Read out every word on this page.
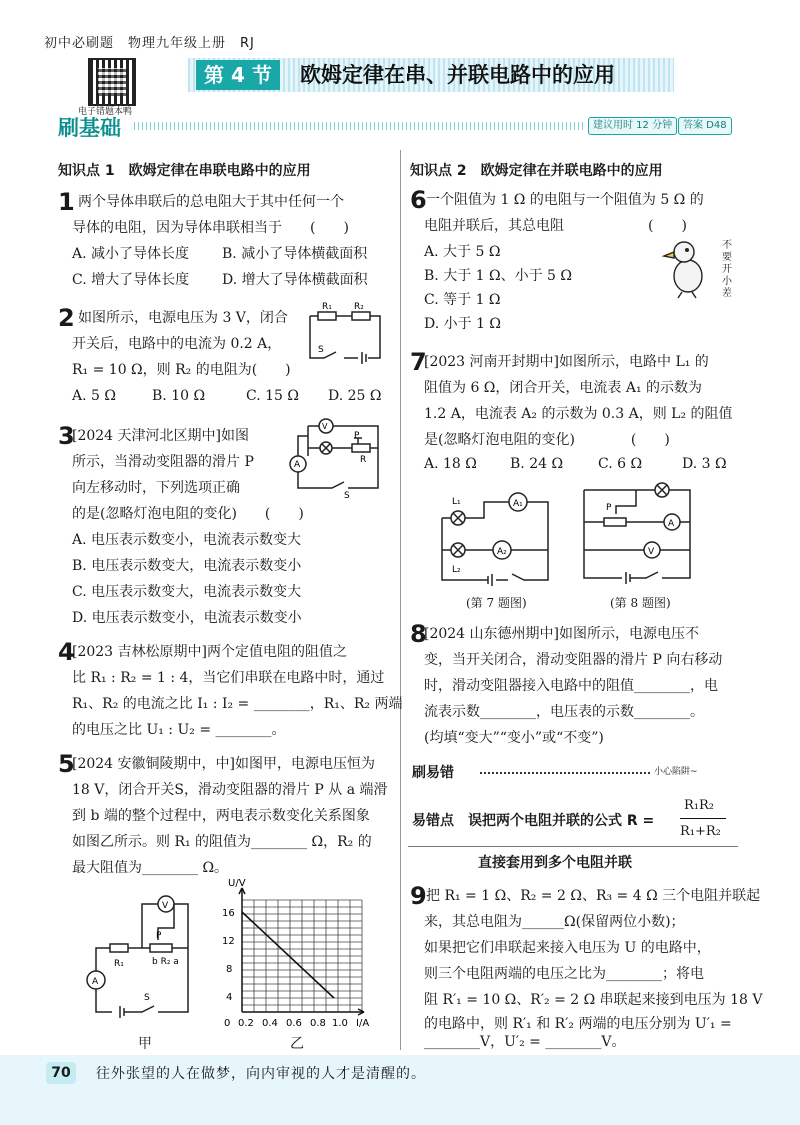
初中必刷题　物理九年级上册　RJ
电子错题本鸭
第 4 节	欧姆定律在串、并联电路中的应用
刷基础	建议用时 12 分钟	答案 D48
知识点 1　欧姆定律在串联电路中的应用
1 两个导体串联后的总电阻大于其中任何一个
导体的电阻，因为导体串联相当于　　(　　)
A. 减小了导体长度 B. 减小了导体横截面积
C. 增大了导体长度 D. 增大了导体横截面积
2 如图所示，电源电压为 3 V，闭合
开关后，电路中的电流为 0.2 A，
R₁ = 10 Ω，则 R₂ 的电阻为(　　)
A. 5 Ω	B. 10 Ω	C. 15 Ω D. 25 Ω
R₁ R₂
S
3
[2024 天津河北区期中]如图
所示，当滑动变阻器的滑片 P
向左移动时，下列选项正确
的是(忽略灯泡电阻的变化)　　(　　)
A. 电压表示数变小，电流表示数变大
B. 电压表示数变大，电流表示数变小
C. 电压表示数变大，电流表示数变大
D. 电压表示数变小，电流表示数变小
V
A
P
R
S
4
[2023 吉林松原期中]两个定值电阻的阻值之
比 R₁ : R₂ = 1 : 4，当它们串联在电路中时，通过
R₁、R₂ 的电流之比 I₁ : I₂ = ________，R₁、R₂ 两端
的电压之比 U₁ : U₂ = ________。
5
[2024 安徽铜陵期中，中]如图甲，电源电压恒为
18 V，闭合开关S，滑动变阻器的滑片 P 从 a 端滑
到 b 端的整个过程中，两电表示数变化关系图象
如图乙所示。则 R₁ 的阻值为________ Ω，R₂ 的
最大阻值为________ Ω。
V
A
R₁
P
b R₂ a
S
甲
U/V
I/A
16
12
8
4
0 0.2 0.4 0.6 0.8 1.0
乙
知识点 2　欧姆定律在并联电路中的应用
6 一个阻值为 1 Ω 的电阻与一个阻值为 5 Ω 的
电阻并联后，其总电阻　　　　　　(　　)
A. 大于 5 Ω
B. 大于 1 Ω、小于 5 Ω
C. 等于 1 Ω
D. 小于 1 Ω
不要开小差
7
[2023 河南开封期中]如图所示，电路中 L₁ 的
阻值为 6 Ω，闭合开关，电流表 A₁ 的示数为
1.2 A，电流表 A₂ 的示数为 0.3 A，则 L₂ 的阻值
是(忽略灯泡电阻的变化)　　　　(　　)
A. 18 Ω B. 24 Ω C. 6 Ω	D. 3 Ω
L₁
L₂
A₁
A₂
(第 7 题图)
P
A
V
(第 8 题图)
8
[2024 山东德州期中]如图所示，电源电压不
变，当开关闭合，滑动变阻器的滑片 P 向右移动
时，滑动变阻器接入电路中的阻值________，电
流表示数________，电压表的示数________。
(均填“变大”“变小”或“不变”)
刷易错	小心陷阱~
易错点　误把两个电阻并联的公式 R =
R₁R₂
R₁+R₂
直接套用到多个电阻并联
9 把 R₁ = 1 Ω、R₂ = 2 Ω、R₃ = 4 Ω 三个电阻并联起
来，其总电阻为______Ω(保留两位小数)；
如果把它们串联起来接入电压为 U 的电路中，
则三个电阻两端的电压之比为________；将电
阻 R′₁ = 10 Ω、R′₂ = 2 Ω 串联起来接到电压为 18 V
的电路中，则 R′₁ 和 R′₂ 两端的电压分别为 U′₁ =
________V，U′₂ = ________V。
70	往外张望的人在做梦，向内审视的人才是清醒的。
